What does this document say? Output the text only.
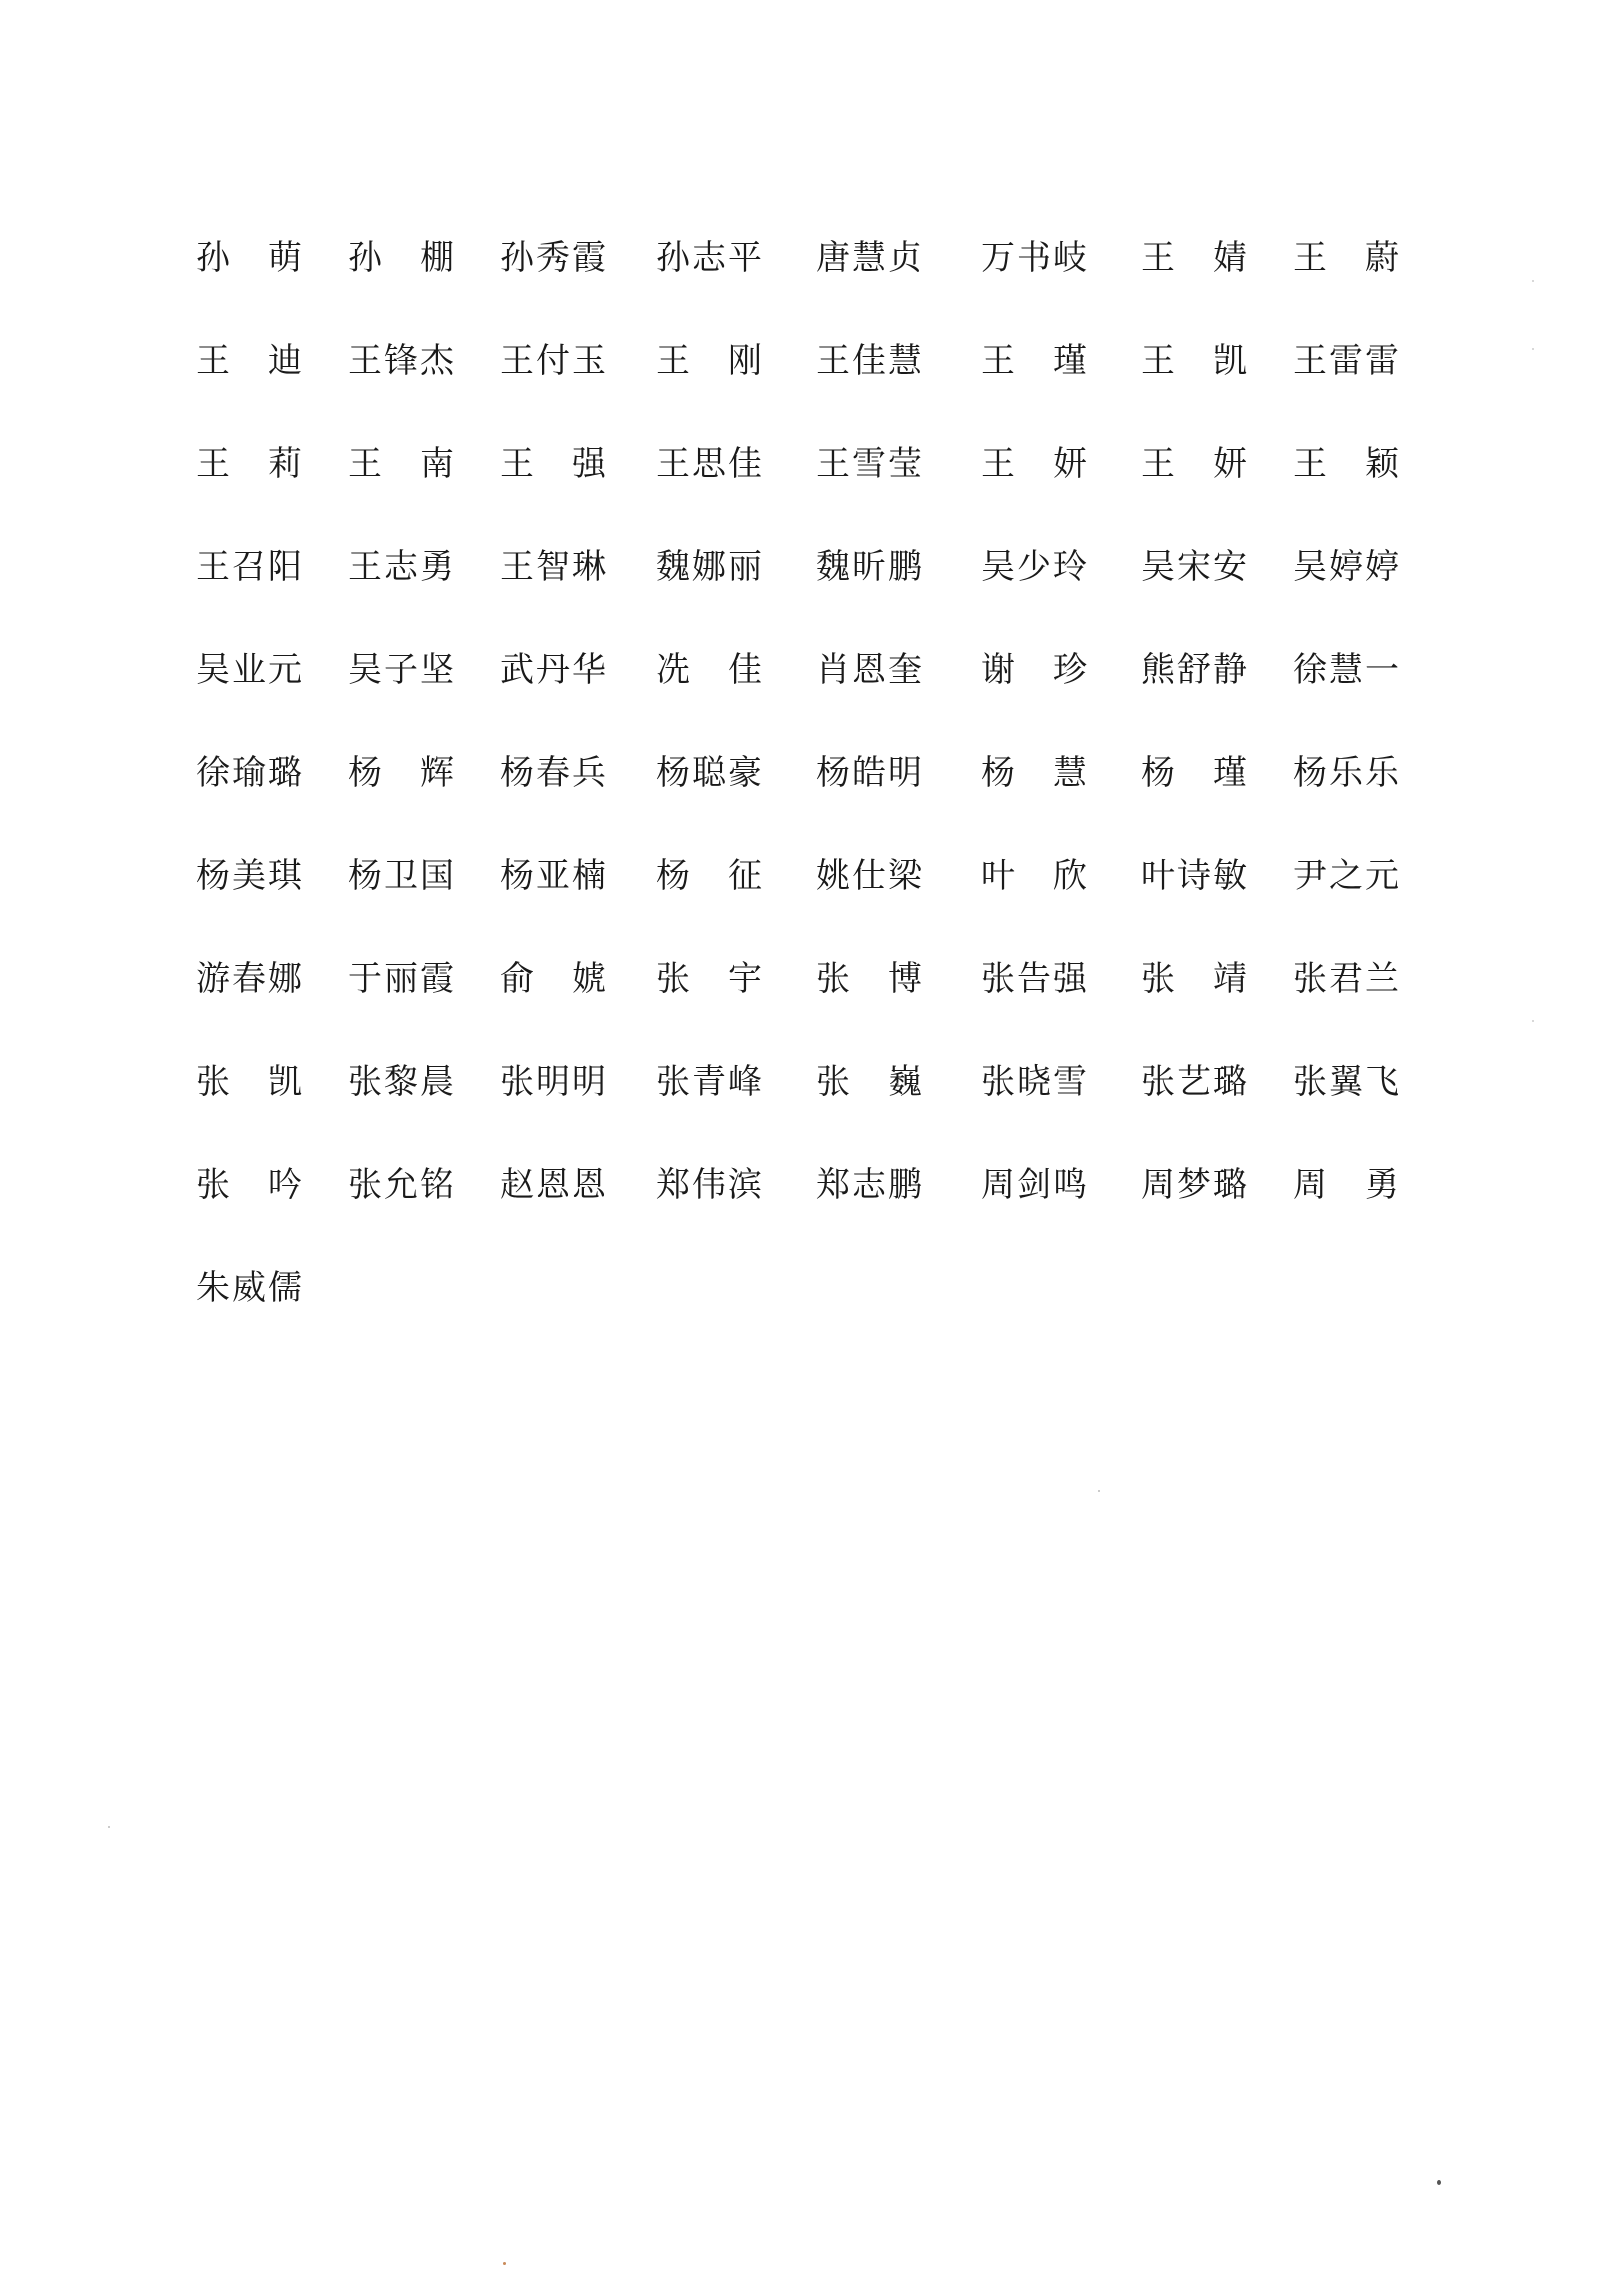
孙　萌	孙　棚	孙秀霞	孙志平	唐慧贞	万书岐	王　婧	王　蔚
王　迪	王锋杰	王付玉	王　刚	王佳慧	王　瑾	王　凯	王雷雷
王　莉	王　南	王　强	王思佳	王雪莹	王　妍	王　妍	王　颖
王召阳	王志勇	王智琳	魏娜丽	魏昕鹏	吴少玲	吴宋安	吴婷婷
吴业元	吴子坚	武丹华	冼　佳	肖恩奎	谢　珍	熊舒静	徐慧一
徐瑜璐	杨　辉	杨春兵	杨聪豪	杨皓明	杨　慧	杨　瑾	杨乐乐
杨美琪	杨卫国	杨亚楠	杨　征	姚仕梁	叶　欣	叶诗敏	尹之元
游春娜	于丽霞	俞　婋	张　宇	张　博	张告强	张　靖	张君兰
张　凯	张黎晨	张明明	张青峰	张　巍	张晓雪	张艺璐	张翼飞
张　吟	张允铭	赵恩恩	郑伟滨	郑志鹏	周剑鸣	周梦璐	周　勇
朱威儒
